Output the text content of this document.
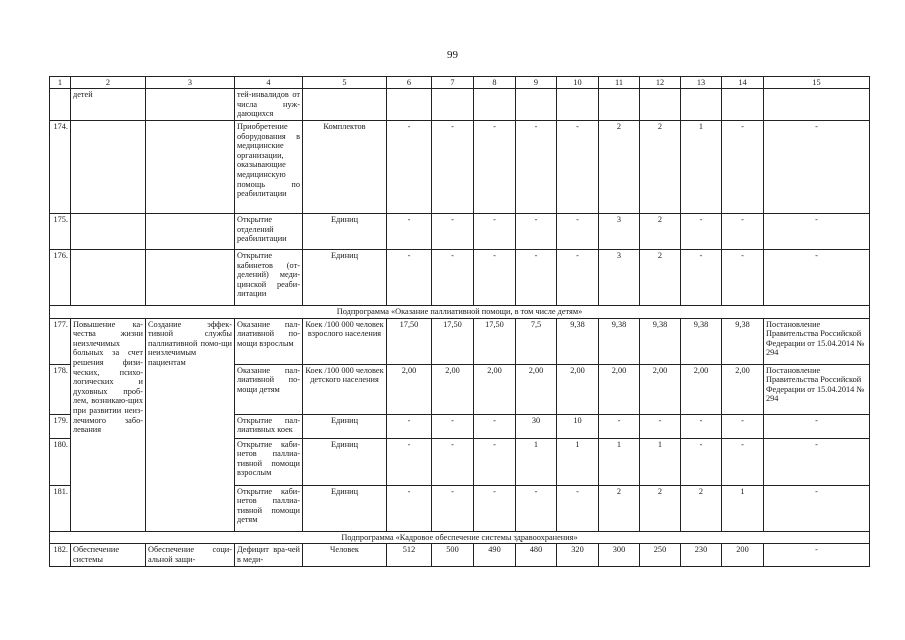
99
1	2	3	4	5	6	7	8	9	10	11	12	13	14	15
	детей		тей-инвалидов от числа нуж-дающихся											
174.			Приобретение оборудования в медицинские организации, оказывающие медицинскую помощь по реабилитации	Комплектов	-	-	-	-	-	2	2	1	-	-
175.			Открытие отделений реабилитации	Единиц	-	-	-	-	-	3	2	-	-	-
176.			Открытие кабинетов (от-делений) меди-цинской реаби-литации	Единиц	-	-	-	-	-	3	2	-	-	-
Подпрограмма «Оказание паллиативной помощи, в том числе детям»														
177.	Повышение ка-чества жизни неизлечимых больных за счет решения физи-ческих, психо-логических и духовных проб-лем, возникаю-щих при развитии неиз-лечимого забо-левания	Создание эффек-тивной службы паллиативной помо-щи неизлечимым пациентам	Оказание пал-лиативной по-мощи взрослым	Коек /100 000 человек взрослого населения	17,50	17,50	17,50	7,5	9,38	9,38	9,38	9,38	9,38	Постановление Правительства Российской Федерации от 15.04.2014 № 294
178.			Оказание пал-лиативной по-мощи детям	Коек /100 000 человек детского населения	2,00	2,00	2,00	2,00	2,00	2,00	2,00	2,00	2,00	Постановление Правительства Российской Федерации от 15.04.2014 № 294
179.			Открытие пал-лиативных коек	Единиц	-	-	-	30	10	-	-	-	-	-
180.			Открытие каби-нетов паллиа-тивной помощи взрослым	Единиц	-	-	-	1	1	1	1	-	-	-
181.			Открытие каби-нетов паллиа-тивной помощи детям	Единиц	-	-	-	-	-	2	2	2	1	-
Подпрограмма «Кадровое обеспечение системы здравоохранения»														
182.	Обеспечение системы	Обеспечение соци-альной защи-	Дефицит вра-чей в меди-	Человек	512	500	490	480	320	300	250	230	200	-
